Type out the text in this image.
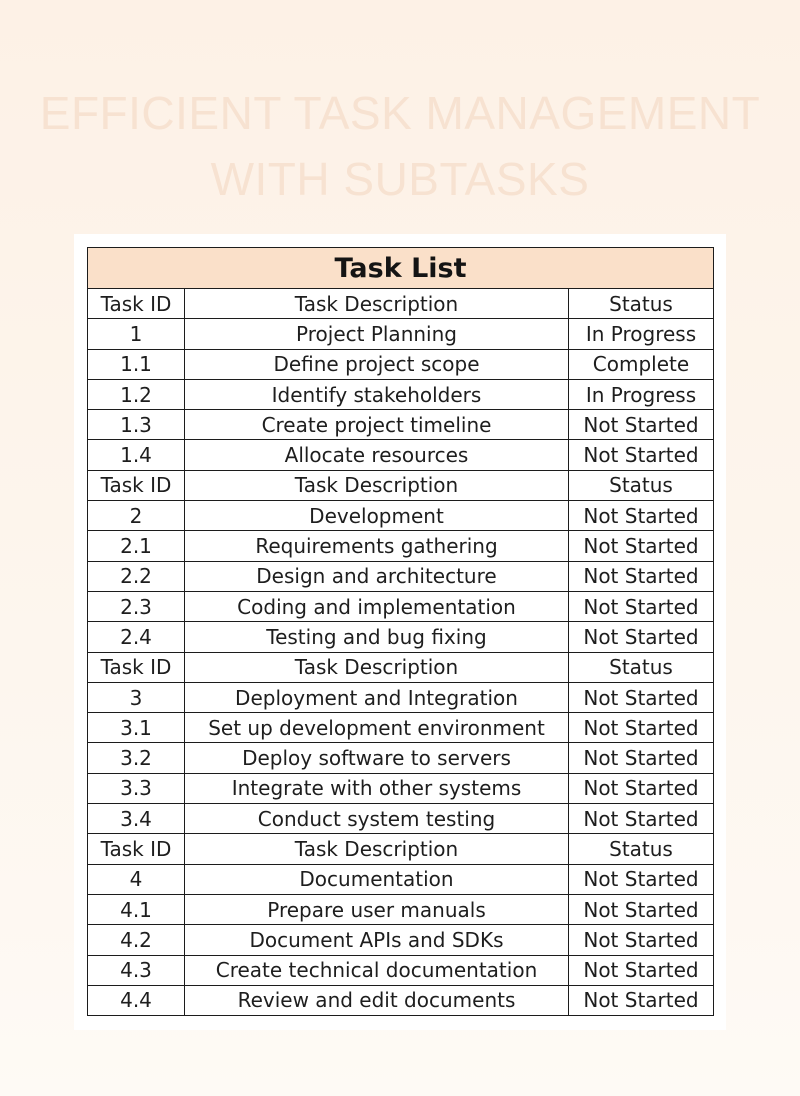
EFFICIENT TASK MANAGEMENT
WITH SUBTASKS
Task List		
Task ID	Task Description	Status
1	Project Planning	In Progress
1.1	Define project scope	Complete
1.2	Identify stakeholders	In Progress
1.3	Create project timeline	Not Started
1.4	Allocate resources	Not Started
Task ID	Task Description	Status
2	Development	Not Started
2.1	Requirements gathering	Not Started
2.2	Design and architecture	Not Started
2.3	Coding and implementation	Not Started
2.4	Testing and bug fixing	Not Started
Task ID	Task Description	Status
3	Deployment and Integration	Not Started
3.1	Set up development environment	Not Started
3.2	Deploy software to servers	Not Started
3.3	Integrate with other systems	Not Started
3.4	Conduct system testing	Not Started
Task ID	Task Description	Status
4	Documentation	Not Started
4.1	Prepare user manuals	Not Started
4.2	Document APIs and SDKs	Not Started
4.3	Create technical documentation	Not Started
4.4	Review and edit documents	Not Started
